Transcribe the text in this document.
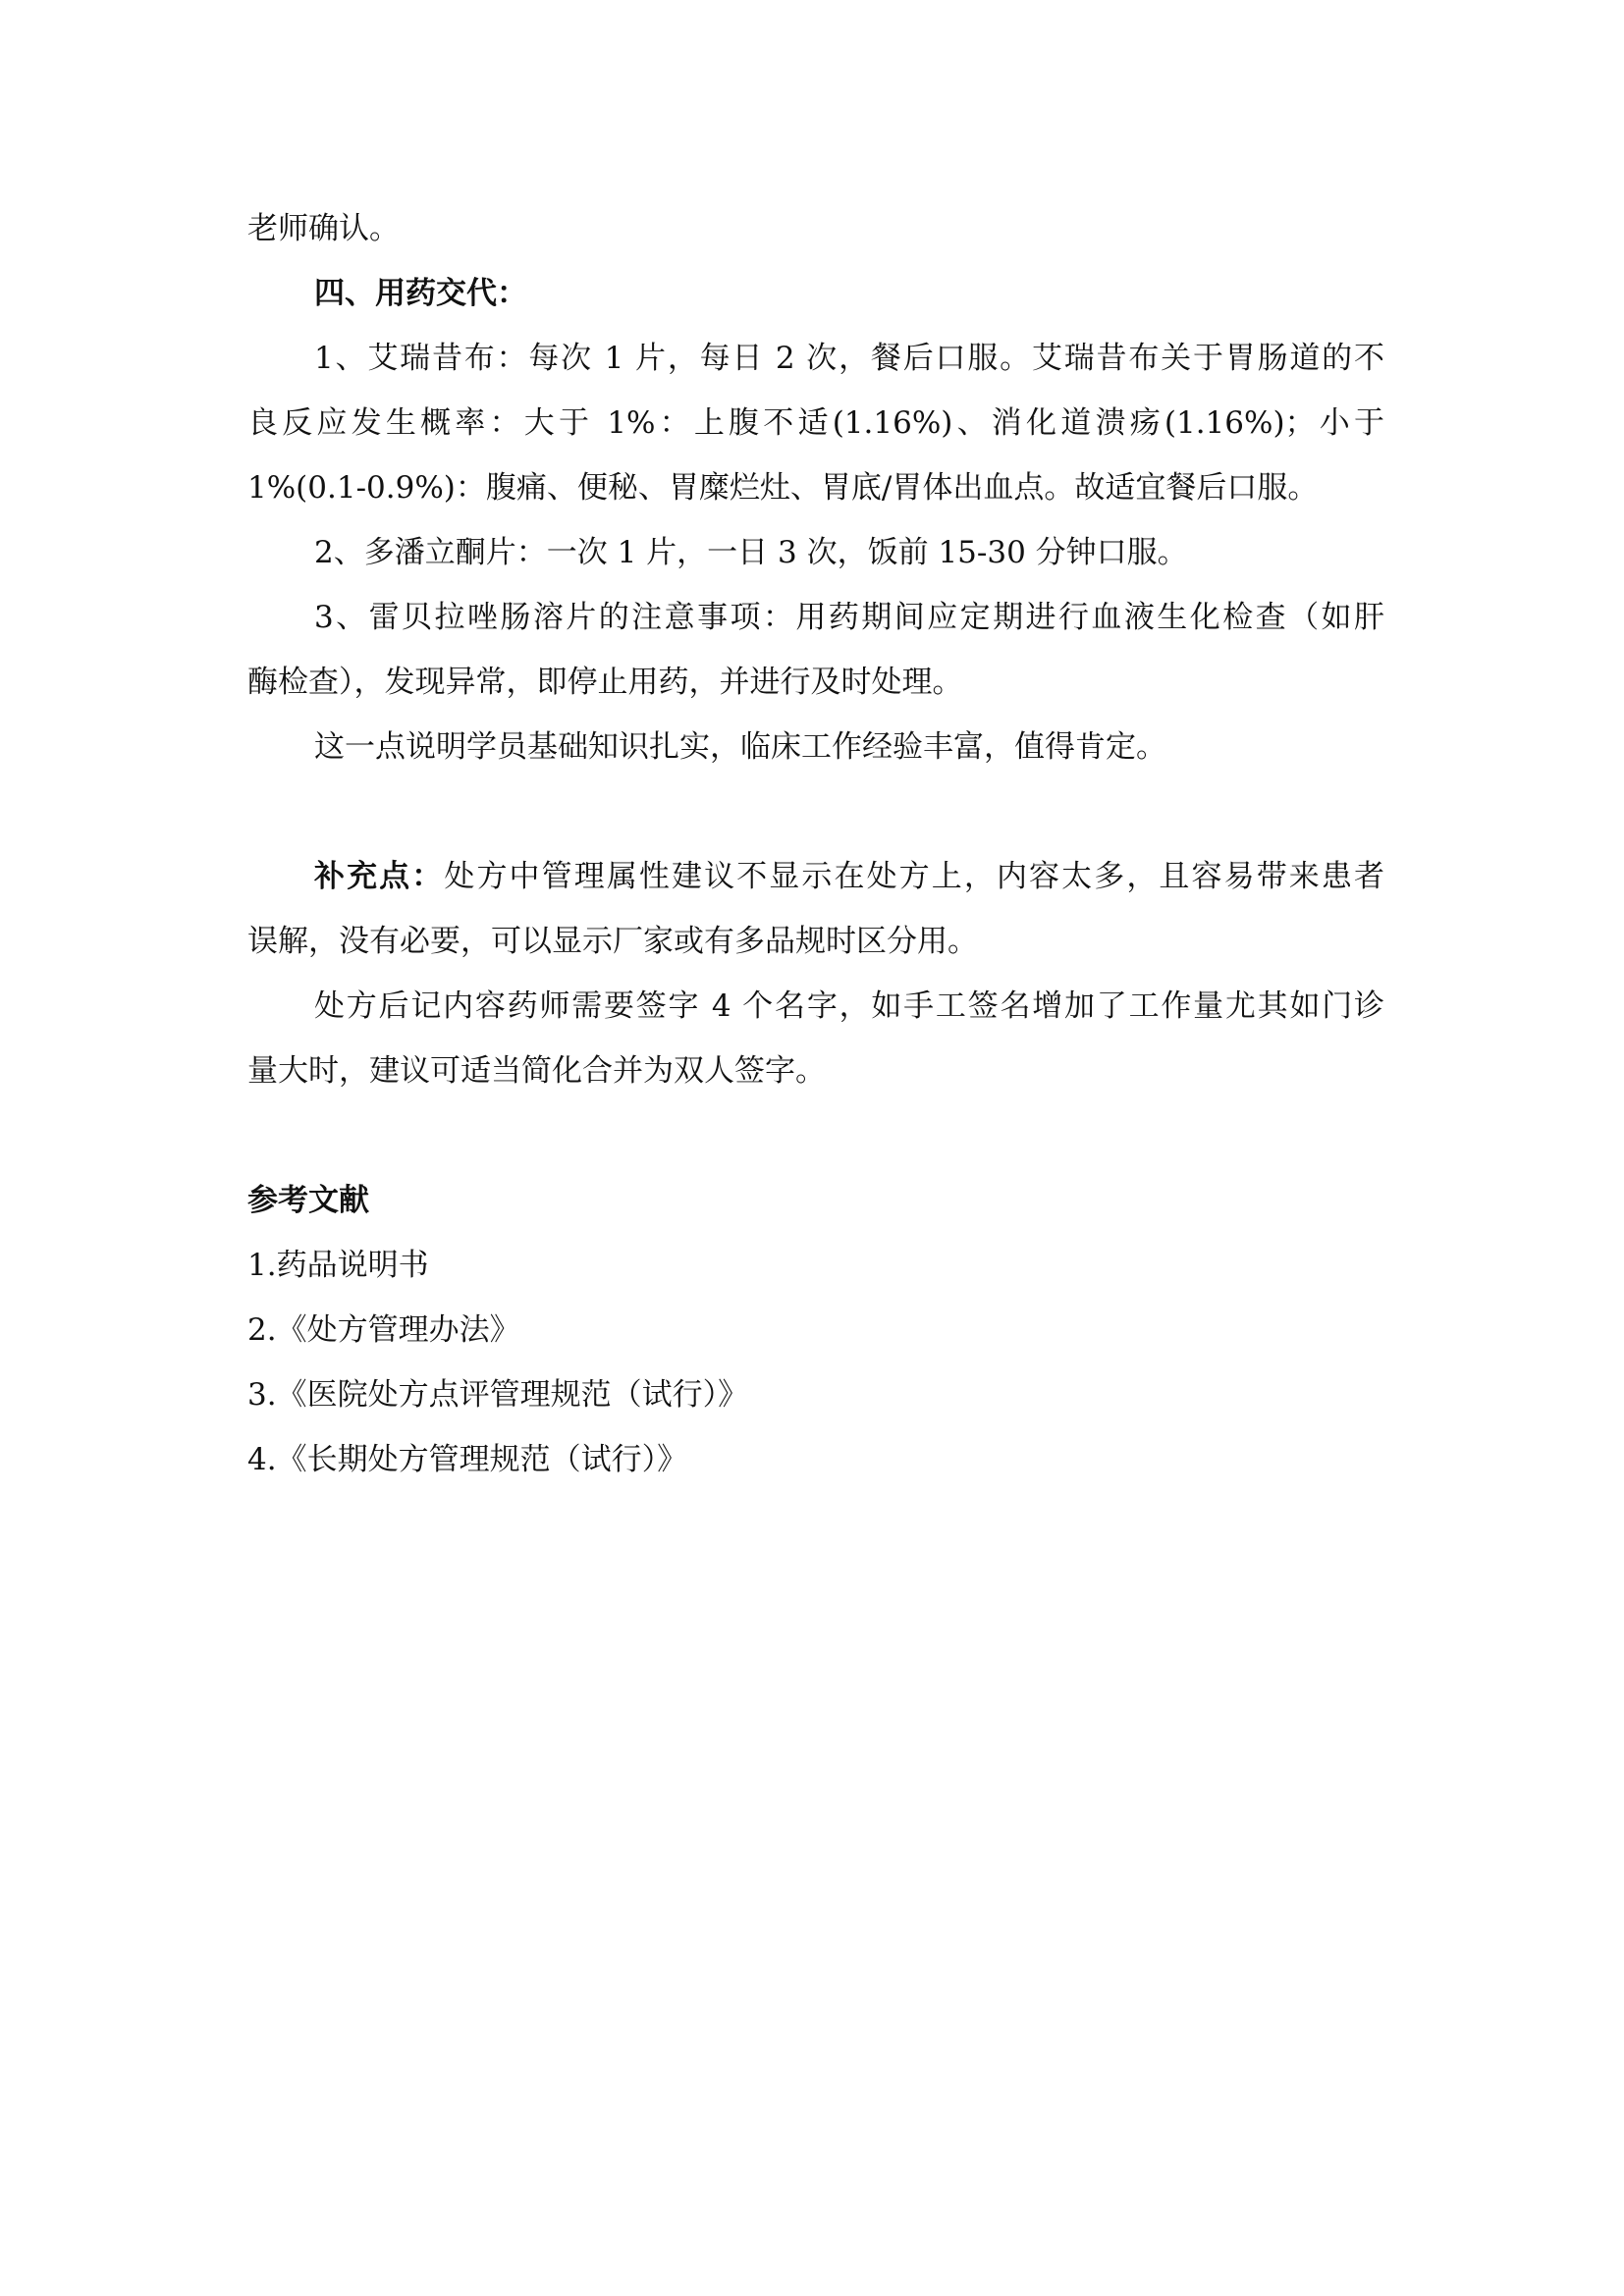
老师确认。

四、用药交代：

1、艾瑞昔布：每次 1 片，每日 2 次，餐后口服。艾瑞昔布关于胃肠道的不

良反应发生概率：大于 1%：上腹不适(1.16%)、消化道溃疡(1.16%)；小于

1%(0.1-0.9%)：腹痛、便秘、胃糜烂灶、胃底/胃体出血点。故适宜餐后口服。

2、多潘立酮片：一次 1 片，一日 3 次，饭前 15-30 分钟口服。

3、雷贝拉唑肠溶片的注意事项：用药期间应定期进行血液生化检查（如肝

酶检查），发现异常，即停止用药，并进行及时处理。

这一点说明学员基础知识扎实，临床工作经验丰富，值得肯定。

补充点：处方中管理属性建议不显示在处方上，内容太多，且容易带来患者

误解，没有必要，可以显示厂家或有多品规时区分用。

处方后记内容药师需要签字 4 个名字，如手工签名增加了工作量尤其如门诊

量大时，建议可适当简化合并为双人签字。

参考文献

1.药品说明书

2.《处方管理办法》

3.《医院处方点评管理规范（试行）》

4.《长期处方管理规范（试行）》
